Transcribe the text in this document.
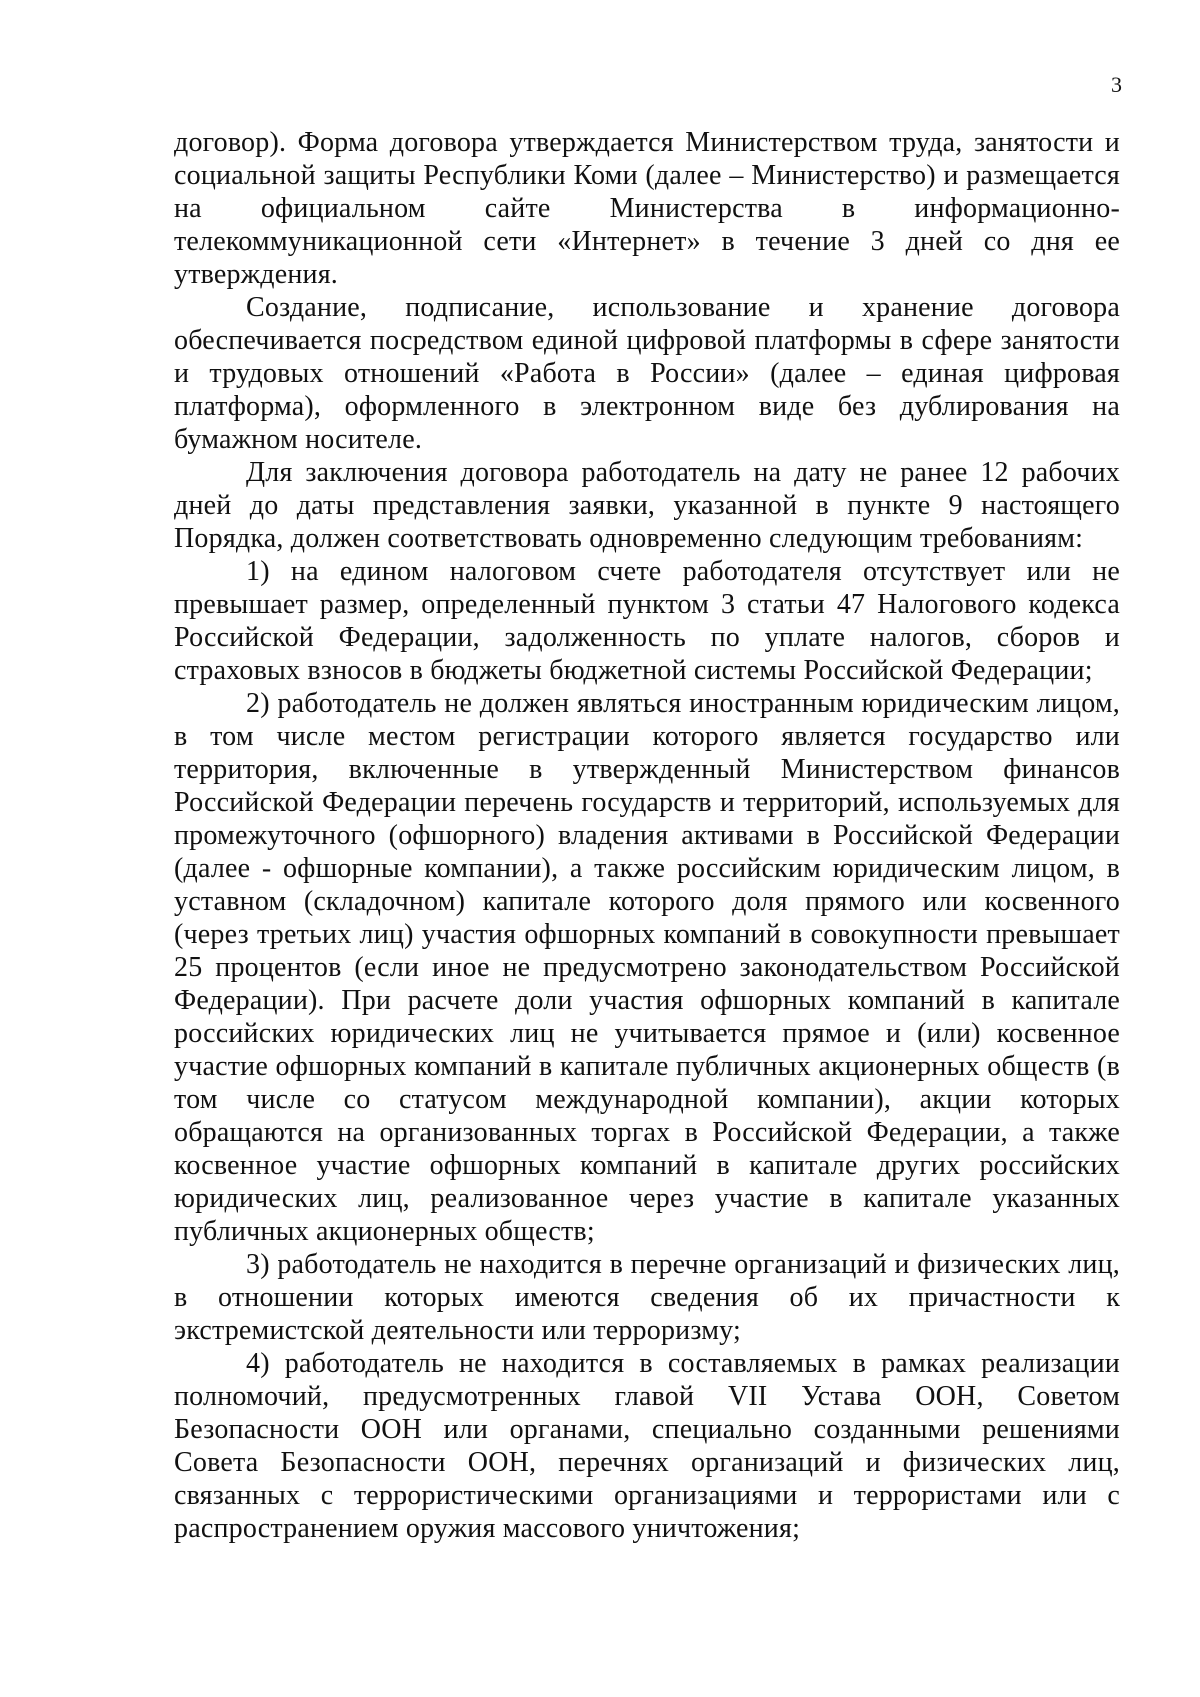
3

договор). Форма договора утверждается Министерством труда, занятости и социальной защиты Республики Коми (далее – Министерство) и размещается на официальном сайте Министерства в информационно-телекоммуникационной сети «Интернет» в течение 3 дней со дня ее утверждения.

Создание, подписание, использование и хранение договора обеспечивается посредством единой цифровой платформы в сфере занятости и трудовых отношений «Работа в России» (далее – единая цифровая платформа), оформленного в электронном виде без дублирования на бумажном носителе.

Для заключения договора работодатель на дату не ранее 12 рабочих дней до даты представления заявки, указанной в пункте 9 настоящего Порядка, должен соответствовать одновременно следующим требованиям:

1) на едином налоговом счете работодателя отсутствует или не превышает размер, определенный пунктом 3 статьи 47 Налогового кодекса Российской Федерации, задолженность по уплате налогов, сборов и страховых взносов в бюджеты бюджетной системы Российской Федерации;

2) работодатель не должен являться иностранным юридическим лицом, в том числе местом регистрации которого является государство или территория, включенные в утвержденный Министерством финансов Российской Федерации перечень государств и территорий, используемых для промежуточного (офшорного) владения активами в Российской Федерации (далее - офшорные компании), а также российским юридическим лицом, в уставном (складочном) капитале которого доля прямого или косвенного (через третьих лиц) участия офшорных компаний в совокупности превышает 25 процентов (если иное не предусмотрено законодательством Российской Федерации). При расчете доли участия офшорных компаний в капитале российских юридических лиц не учитывается прямое и (или) косвенное участие офшорных компаний в капитале публичных акционерных обществ (в том числе со статусом международной компании), акции которых обращаются на организованных торгах в Российской Федерации, а также косвенное участие офшорных компаний в капитале других российских юридических лиц, реализованное через участие в капитале указанных публичных акционерных обществ;

3) работодатель не находится в перечне организаций и физических лиц, в отношении которых имеются сведения об их причастности к экстремистской деятельности или терроризму;

4) работодатель не находится в составляемых в рамках реализации полномочий, предусмотренных главой VII Устава ООН, Советом Безопасности ООН или органами, специально созданными решениями Совета Безопасности ООН, перечнях организаций и физических лиц, связанных с террористическими организациями и террористами или с распространением оружия массового уничтожения;
